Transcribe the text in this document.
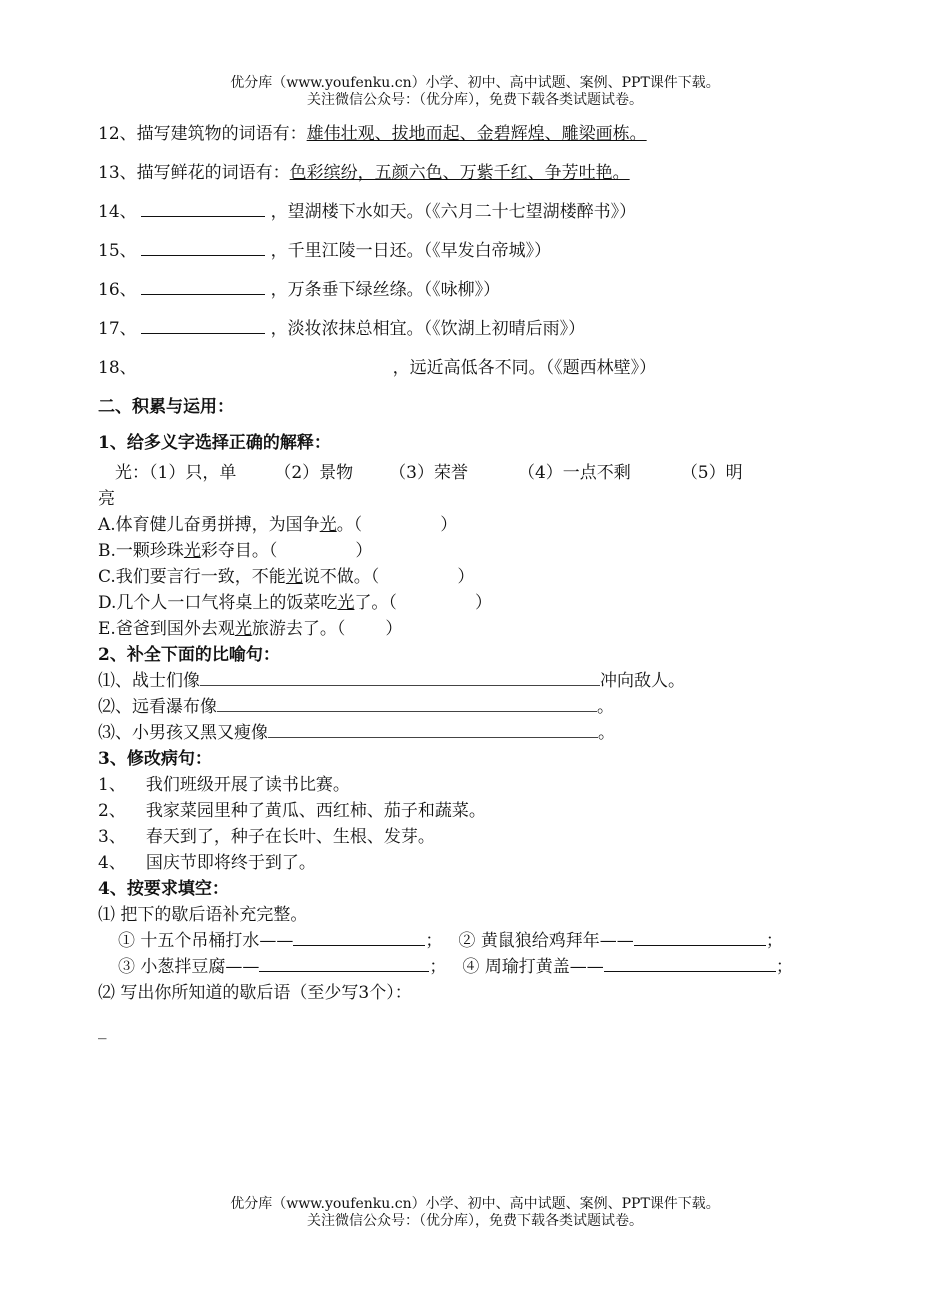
优分库（www.youfenku.cn）小学、初中、高中试题、案例、PPT课件下载。
关注微信公众号：（优分库），免费下载各类试题试卷。
12、描写建筑物的词语有：雄伟壮观、拔地而起、金碧辉煌、雕梁画栋。
13、描写鲜花的词语有：色彩缤纷，五颜六色、万紫千红、争芳吐艳。
14、	，望湖楼下水如天。（《六月二十七望湖楼醉书》）
15、	，千里江陵一日还。（《早发白帝城》）
16、	，万条垂下绿丝绦。（《咏柳》）
17、	，淡妆浓抹总相宜。（《饮湖上初晴后雨》）
18、	，远近高低各不同。（《题西林壁》）
二、积累与运用：
1、给多义字选择正确的解释：
光：（1）只，单 （2）景物 （3）荣誉	（4）一点不剩	（5）明
亮
A.体育健儿奋勇拼搏，为国争光。（	）
B.一颗珍珠光彩夺目。（	）
C.我们要言行一致，不能光说不做。（	）
D.几个人一口气将桌上的饭菜吃光了。（	）
E.爸爸到国外去观光旅游去了。（ ）
2、补全下面的比喻句：
⑴、战士们像	冲向敌人。
⑵、远看瀑布像	。
⑶、小男孩又黑又瘦像	。
3、修改病句：
1、 我们班级开展了读书比赛。
2、 我家菜园里种了黄瓜、西红柿、茄子和蔬菜。
3、 春天到了，种子在长叶、生根、发芽。
4、 国庆节即将终于到了。
4、按要求填空：
⑴ 把下的歇后语补充完整。
① 十五个吊桶打水——	； ② 黄鼠狼给鸡拜年——	；
③ 小葱拌豆腐——	； ④ 周瑜打黄盖——	；
⑵ 写出你所知道的歇后语（至少写3个）：
_
优分库（www.youfenku.cn）小学、初中、高中试题、案例、PPT课件下载。
关注微信公众号：（优分库），免费下载各类试题试卷。
